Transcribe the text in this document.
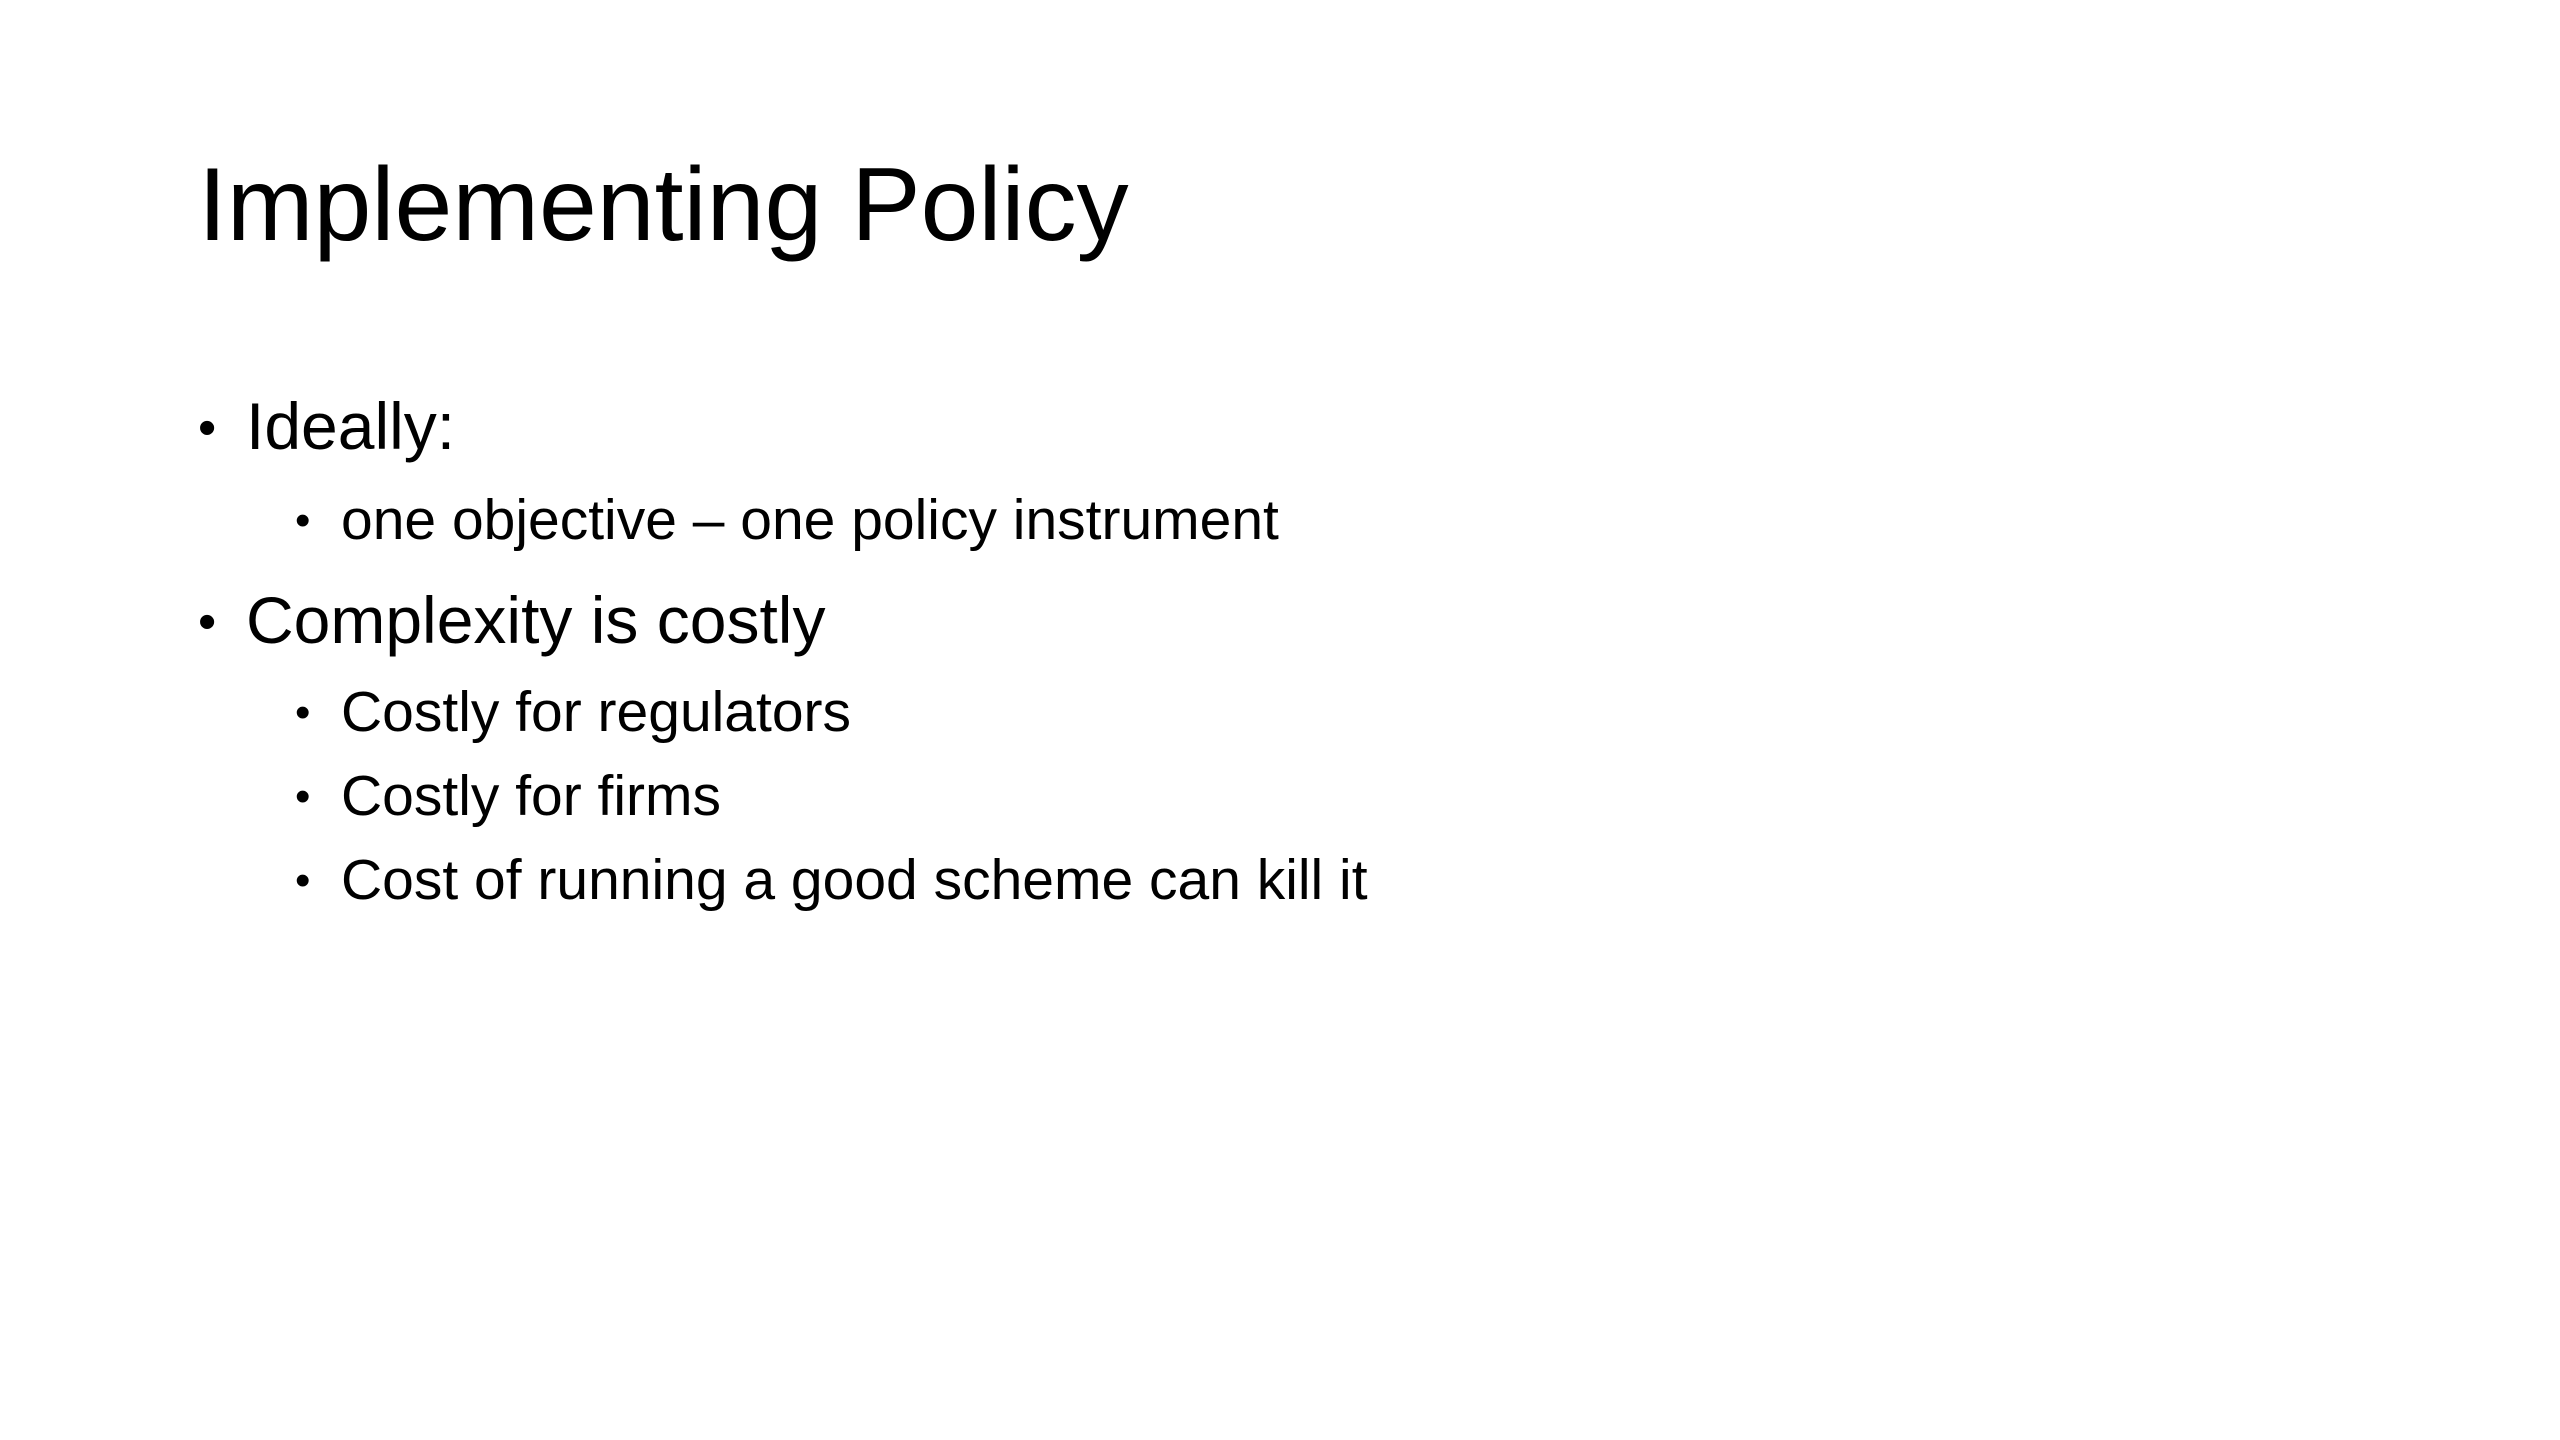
Implementing Policy
• Ideally:
• one objective – one policy instrument
• Complexity is costly
• Costly for regulators
• Costly for firms
• Cost of running a good scheme can kill it
